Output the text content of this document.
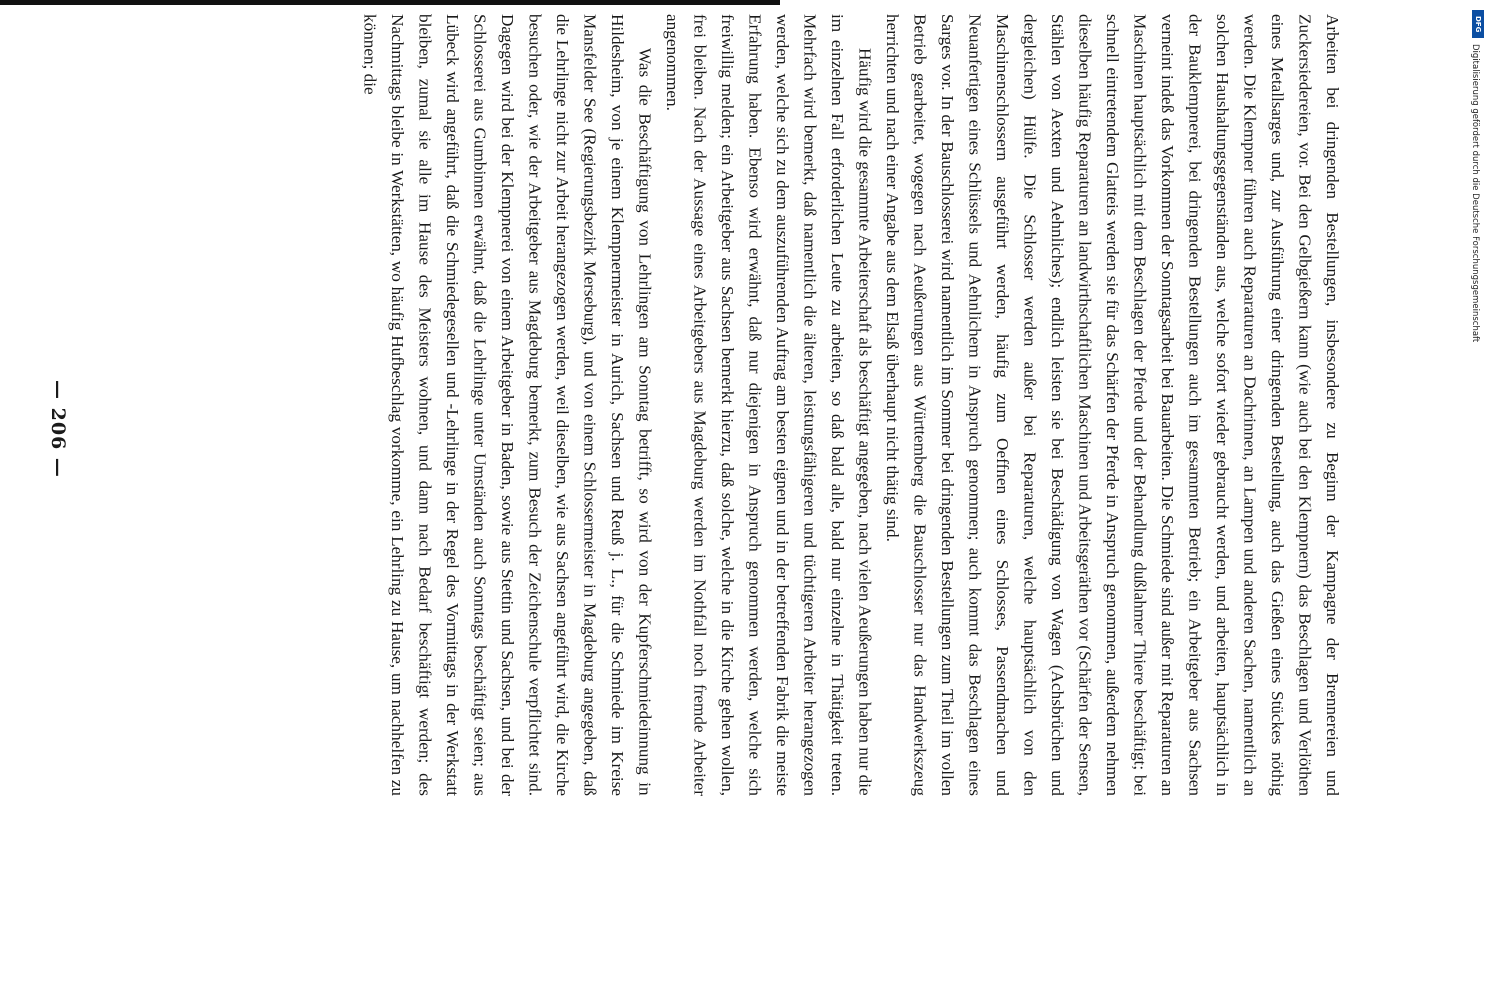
— 206 —	Arbeiten bei dringenden Bestellungen, insbesondere zu Beginn der Kampagne der Brennereien und Zuckersiedereien, vor. Bei den Gelbgießern kann (wie auch bei den Klempnern) das Beschlagen und Verlöthen eines Metallsarges und, zur Ausführung einer dringenden Bestellung, auch das Gießen eines Stückes nöthig werden. Die Klempner führen auch Reparaturen an Dachrinnen, an Lampen und anderen Sachen, namentlich an solchen Haushaltungsgegenständen aus, welche sofort wieder gebraucht werden, und arbeiten, hauptsächlich in der Bauklempnerei, bei dringenden Bestellungen auch im gesammten Betrieb; ein Arbeitgeber aus Sachsen verneint indeß das Vorkommen der Sonntagsarbeit bei Bauarbeiten. Die Schmiede sind außer mit Reparaturen an Maschinen hauptsächlich mit dem Beschlagen der Pferde und der Behandlung dußlahmer Thiere beschäftigt; bei schnell eintretendem Glatteis werden sie für das Schärfen der Pferde in Anspruch genommen, außerdem nehmen dieselben häufig Reparaturen an landwirthschaftlichen Maschinen und Arbeitsgeräthen vor (Schärfen der Sensen, Stählen von Aexten und Aehnliches); endlich leisten sie bei Beschädigung von Wagen (Achsbrüchen und dergleichen) Hülfe. Die Schlosser werden außer bei Reparaturen, welche hauptsächlich von den Maschinenschlossern ausgeführt werden, häufig zum Oeffnen eines Schlosses, Passendmachen und Neuanfertigen eines Schlüssels und Aehnlichem in Anspruch genommen; auch kommt das Beschlagen eines Sarges vor. In der Bauschlosserei wird namentlich im Sommer bei dringenden Bestellungen zum Theil im vollen Betrieb gearbeitet, wogegen nach Aeußerungen aus Württemberg die Bauschlosser nur das Handwerkszeug herrichten und nach einer Angabe aus dem Elsaß überhaupt nicht thätig sind.

Häufig wird die gesammte Arbeiterschaft als beschäftigt angegeben, nach vielen Aeußerungen haben nur die im einzelnen Fall erforderlichen Leute zu arbeiten, so daß bald alle, bald nur einzelne in Thätigkeit treten. Mehrfach wird bemerkt, daß namentlich die älteren, leistungsfähigeren und tüchtigeren Arbeiter herangezogen werden, welche sich zu dem auszuführenden Auftrag am besten eignen und in der betreffenden Fabrik die meiste Erfahrung haben. Ebenso wird erwähnt, daß nur diejenigen in Anspruch genommen werden, welche sich freiwillig melden; ein Arbeitgeber aus Sachsen bemerkt hierzu, daß solche, welche in die Kirche gehen wollen, frei bleiben. Nach der Aussage eines Arbeitgebers aus Magdeburg werden im Nothfall noch fremde Arbeiter angenommen.

Was die Beschäftigung von Lehrlingen am Sonntag betrifft, so wird von der Kupferschmiedeinnung in Hildesheim, von je einem Klempnermeister in Aurich, Sachsen und Reuß j. L., für die Schmiede im Kreise Mansfelder See (Regierungsbezirk Merseburg), und von einem Schlossermeister in Magdeburg angegeben, daß die Lehrlinge nicht zur Arbeit herangezogen werden, weil dieselben, wie aus Sachsen angeführt wird, die Kirche besuchen oder, wie der Arbeitgeber aus Magdeburg bemerkt, zum Besuch der Zeichenschule verpflichtet sind. Dagegen wird bei der Klempnerei von einem Arbeitgeber in Baden, sowie aus Stettin und Sachsen, und bei der Schlosserei aus Gumbinnen erwähnt, daß die Lehrlinge unter Umständen auch Sonntags beschäftigt seien; aus Lübeck wird angeführt, daß die Schmiedegesellen und -Lehrlinge in der Regel des Vormittags in der Werkstatt bleiben, zumal sie alle im Hause des Meisters wohnen, und dann nach Bedarf beschäftigt werden; des Nachmittags bleibe in Werkstätten, wo häufig Hufbeschlag vorkomme, ein Lehrling zu Hause, um nachhelfen zu können; die	DFG
Digitalisierung gefördert durch die Deutsche Forschungsgemeinschaft
